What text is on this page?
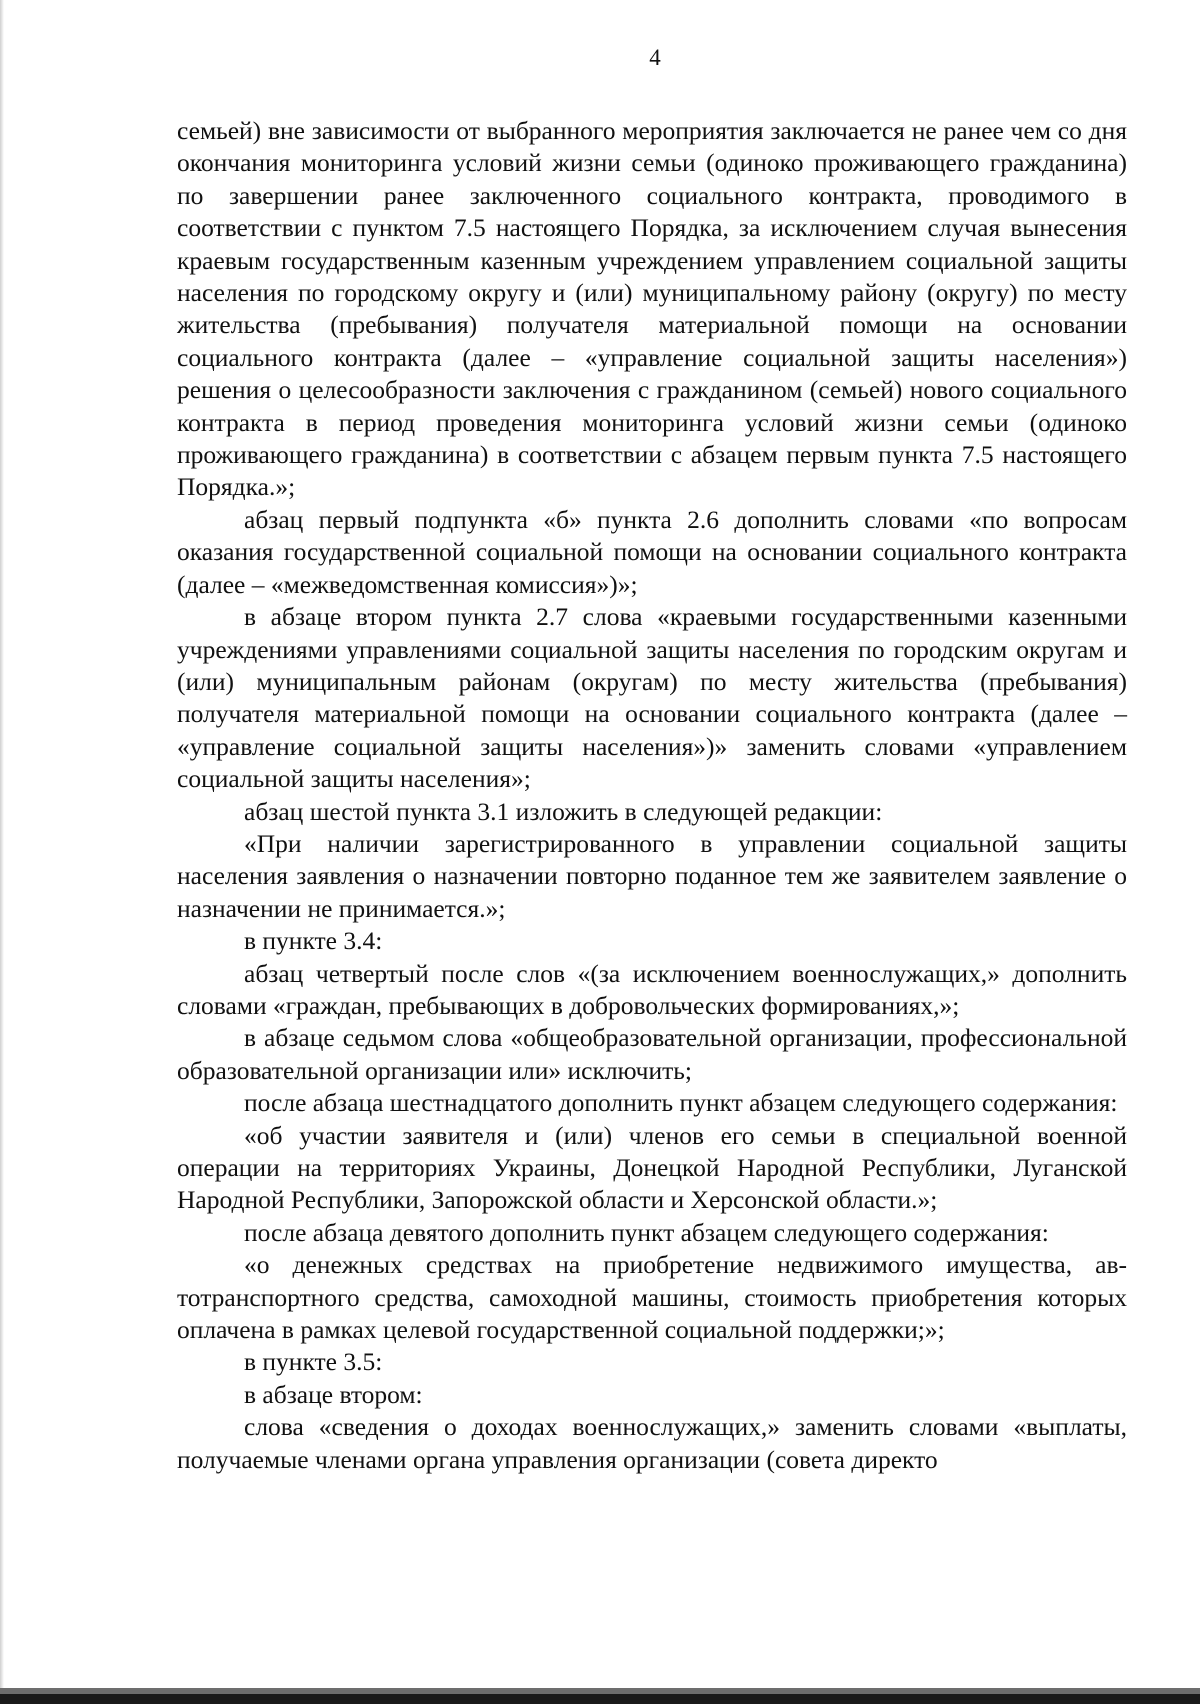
4

семьей) вне зависимости от выбранного мероприятия заключается не ранее чем со дня окончания мониторинга условий жизни семьи (одиноко проживающего гражданина) по завершении ранее заключенного социального контракта, проводимого в соответствии с пунктом 7.5 настоящего Порядка, за исключением случая вынесения краевым государственным казенным учреждением управлением социальной защиты населения по городскому округу и (или) муниципальному району (округу) по месту жительства (пребывания) получателя материальной помощи на основании социального контракта (далее – «управление социальной защиты населения») решения о целесообразности заключения с гражданином (семьей) нового социального контракта в период проведения мониторинга условий жизни семьи (одиноко проживающего гражданина) в соответствии с абзацем первым пункта 7.5 настоящего Порядка.»;

абзац первый подпункта «б» пункта 2.6 дополнить словами «по вопросам оказания государственной социальной помощи на основании социального контракта (далее – «межведомственная комиссия»)»;

в абзаце втором пункта 2.7 слова «краевыми государственными казенными учреждениями управлениями социальной защиты населения по городским округам и (или) муниципальным районам (округам) по месту жительства (пребывания) получателя материальной помощи на основании социального контракта (далее – «управление социальной защиты населения»)» заменить словами «управлением социальной защиты населения»;

абзац шестой пункта 3.1 изложить в следующей редакции:

«При наличии зарегистрированного в управлении социальной защиты населения заявления о назначении повторно поданное тем же заявителем заявление о назначении не принимается.»;

в пункте 3.4:

абзац четвертый после слов «(за исключением военнослужащих,» дополнить словами «граждан, пребывающих в добровольческих формированиях,»;

в абзаце седьмом слова «общеобразовательной организации, профессиональной образовательной организации или» исключить;

после абзаца шестнадцатого дополнить пункт абзацем следующего содержания:

«об участии заявителя и (или) членов его семьи в специальной военной операции на территориях Украины, Донецкой Народной Республики, Луганской Народной Республики, Запорожской области и Херсонской области.»;

после абзаца девятого дополнить пункт абзацем следующего содержания:

«о денежных средствах на приобретение недвижимого имущества, автотранспортного средства, самоходной машины, стоимость приобретения которых оплачена в рамках целевой государственной социальной поддержки;»;

в пункте 3.5:

в абзаце втором:

слова «сведения о доходах военнослужащих,» заменить словами «выплаты, получаемые членами органа управления организации (совета директо
